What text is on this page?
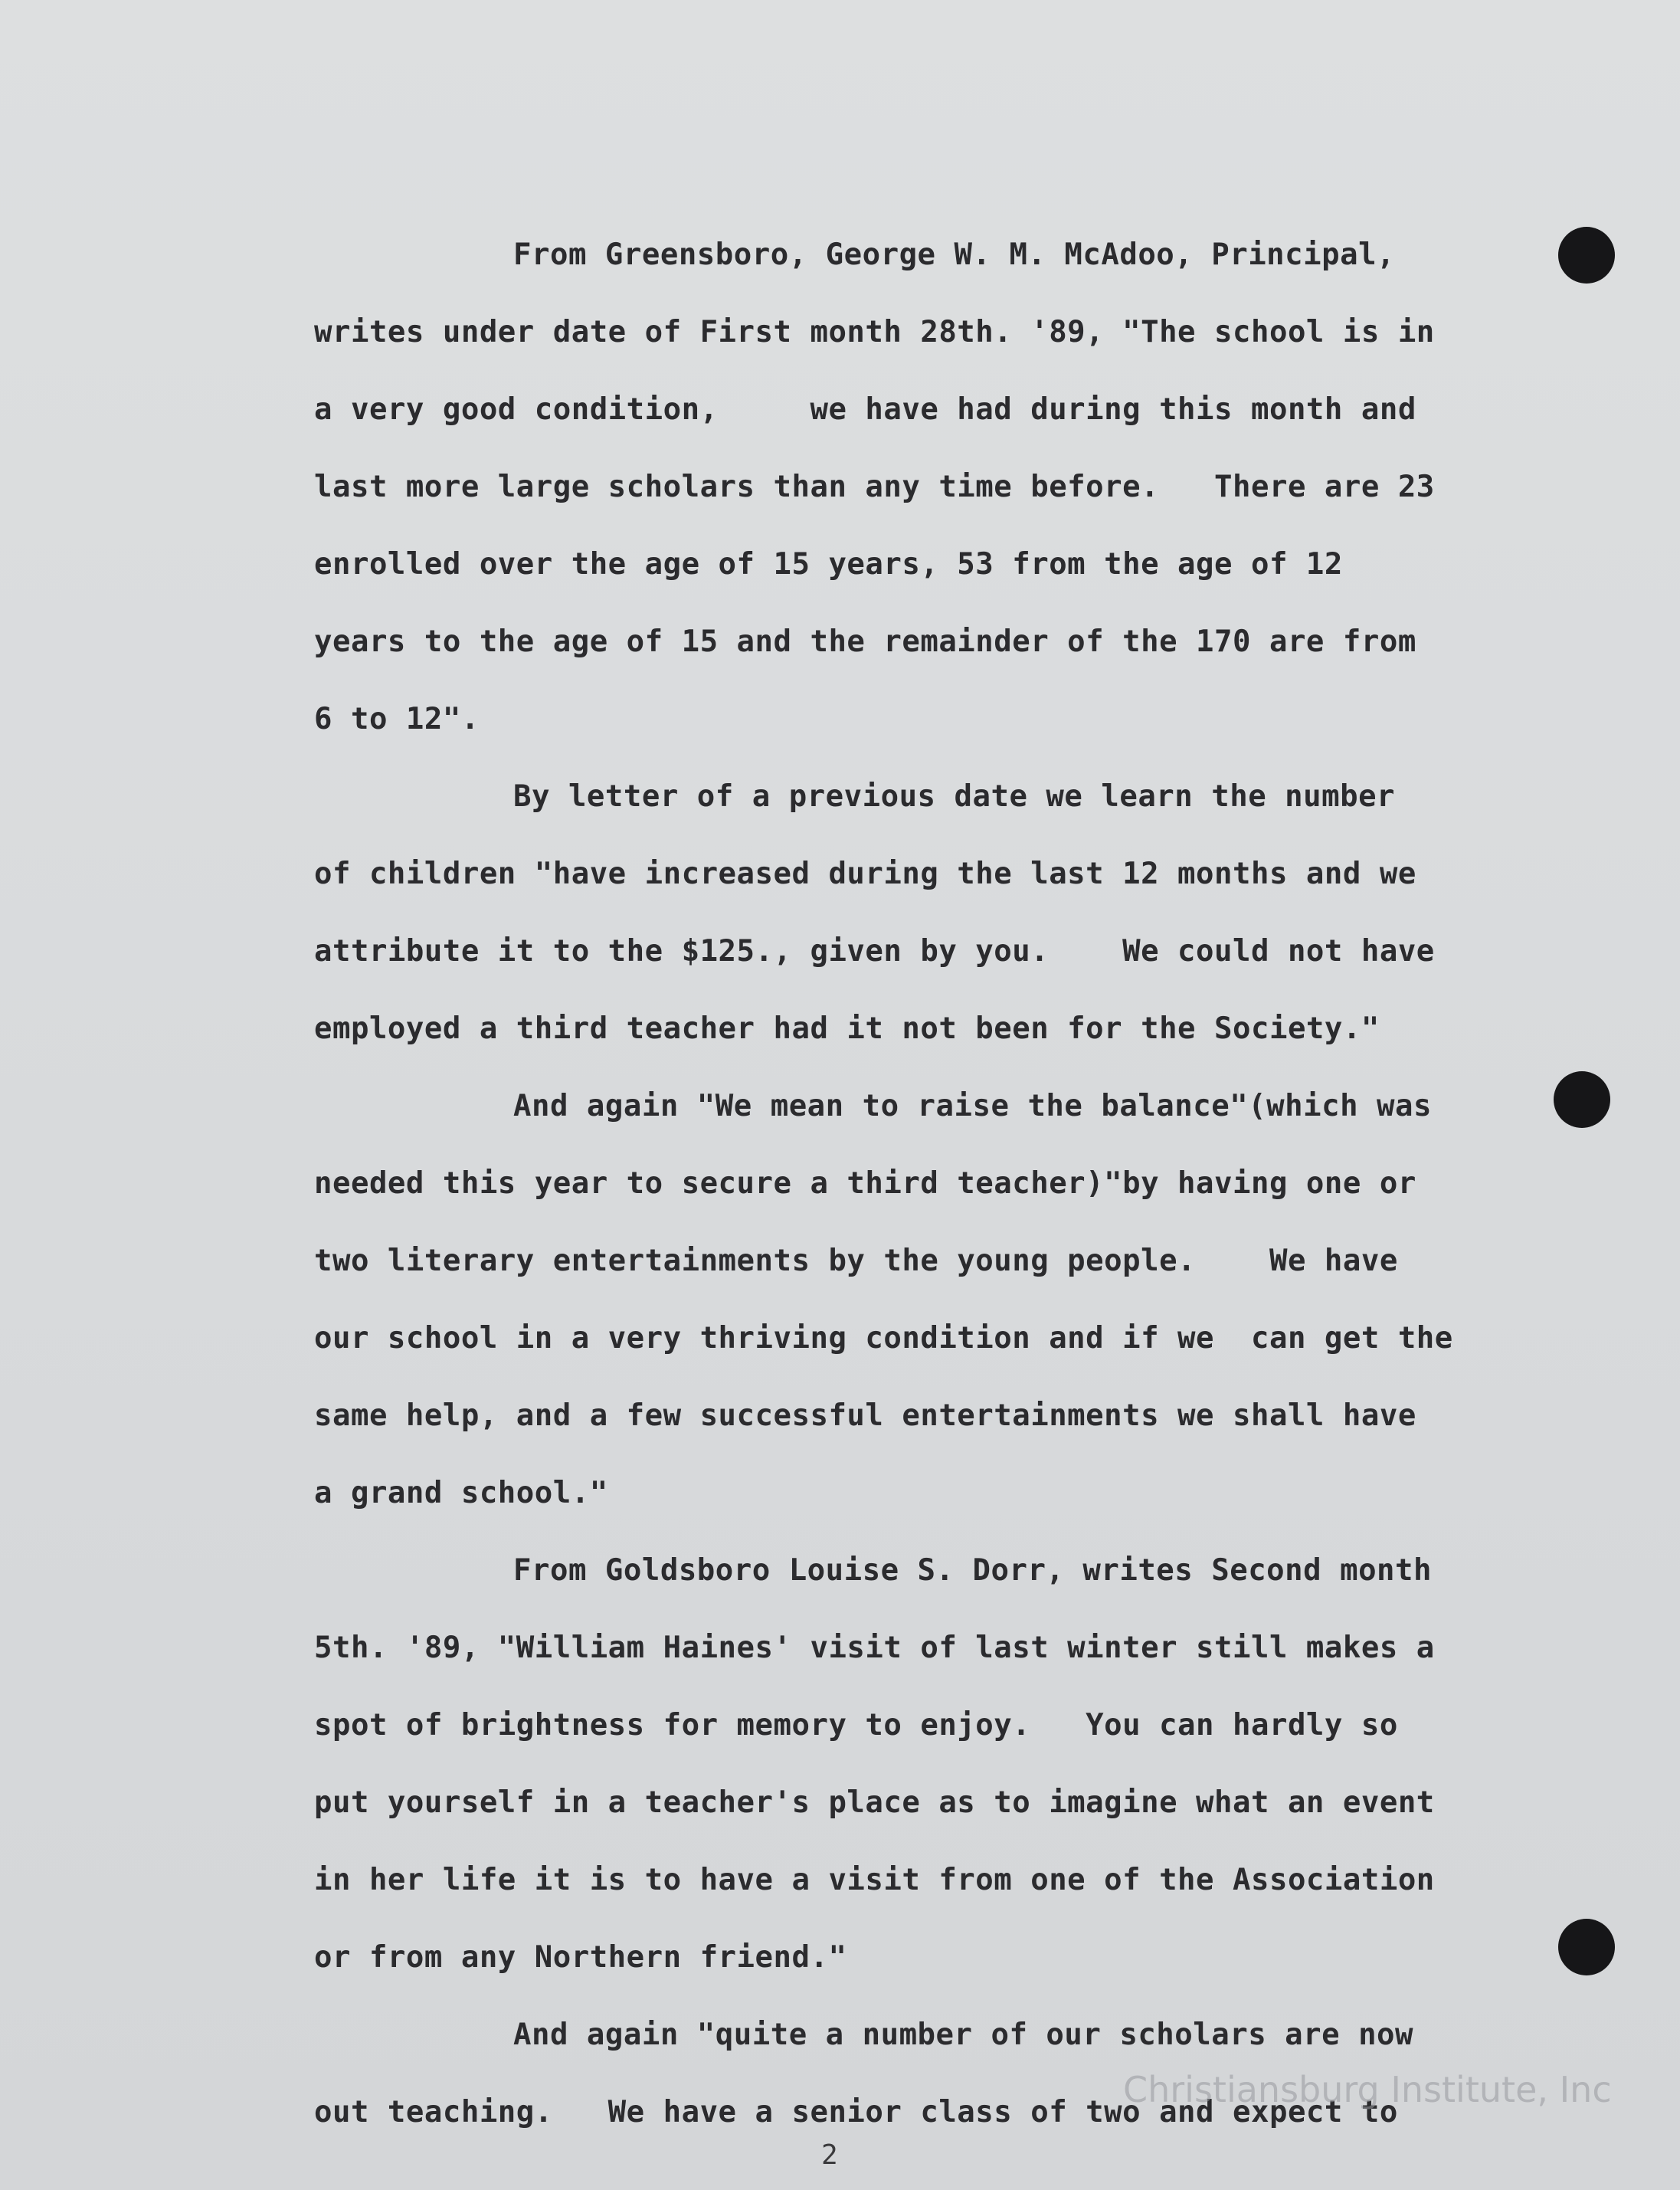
From Greensboro, George W. M. McAdoo, Principal,
writes under date of First month 28th. '89, "The school is in
a very good condition,     we have had during this month and
last more large scholars than any time before.   There are 23
enrolled over the age of 15 years, 53 from the age of 12
years to the age of 15 and the remainder of the 170 are from
6 to 12".
By letter of a previous date we learn the number
of children "have increased during the last 12 months and we
attribute it to the $125., given by you.    We could not have
employed a third teacher had it not been for the Society."
And again "We mean to raise the balance"(which was
needed this year to secure a third teacher)"by having one or
two literary entertainments by the young people.    We have
our school in a very thriving condition and if we  can get the
same help, and a few successful entertainments we shall have
a grand school."
From Goldsboro Louise S. Dorr, writes Second month
5th. '89, "William Haines' visit of last winter still makes a
spot of brightness for memory to enjoy.   You can hardly so
put yourself in a teacher's place as to imagine what an event
in her life it is to have a visit from one of the Association
or from any Northern friend."
And again "quite a number of our scholars are now
out teaching.   We have a senior class of two and expect to
Christiansburg Institute, Inc
2
